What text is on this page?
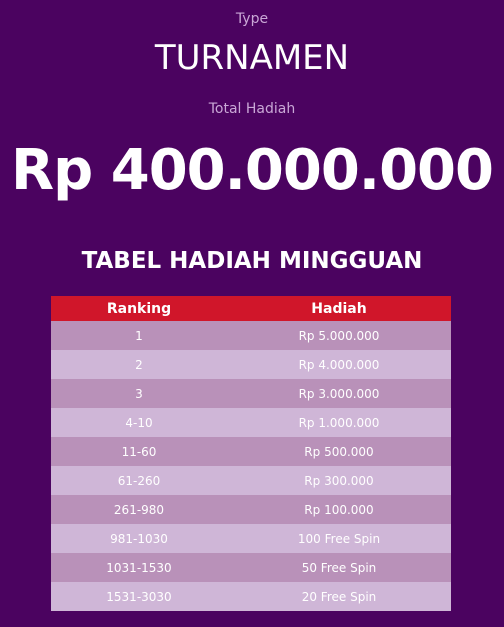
Type
TURNAMEN
Total Hadiah
Rp 400.000.000
TABEL HADIAH MINGGUAN
Ranking	Hadiah
1	Rp 5.000.000
2	Rp 4.000.000
3	Rp 3.000.000
4-10	Rp 1.000.000
11-60	Rp 500.000
61-260	Rp 300.000
261-980	Rp 100.000
981-1030	100 Free Spin
1031-1530	50 Free Spin
1531-3030	20 Free Spin
